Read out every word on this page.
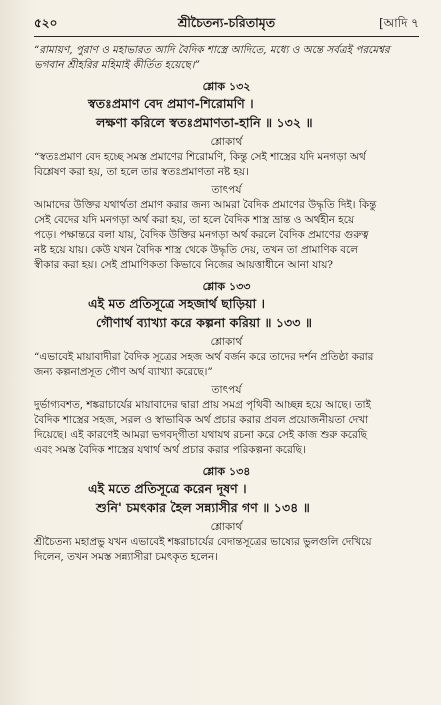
৫২০	শ্রীচৈতন্য-চরিতামৃত	[আদি ৭
“রামায়ণ, পুরাণ ও মহাভারত আদি বৈদিক শাস্ত্রে আদিতে, মধ্যে ও অন্তে সর্বত্রই পরমেশ্বর
ভগবান শ্রীহরির মহিমাই কীর্তিত হয়েছে।”
শ্লোক ১৩২
স্বতঃপ্রমাণ বেদ প্রমাণ-শিরোমণি ।
লক্ষণা করিলে স্বতঃপ্রমাণতা-হানি ॥ ১৩২ ॥
শ্লোকার্থ
“স্বতঃপ্রমাণ বেদ হচ্ছে সমস্ত প্রমাণের শিরোমণি, কিন্তু সেই শাস্ত্রের যদি মনগড়া অর্থ
বিশ্লেষণ করা হয়, তা হলে তার স্বতঃপ্রমাণতা নষ্ট হয়।
তাৎপর্য
আমাদের উক্তির যথার্থতা প্রমাণ করার জন্য আমরা বৈদিক প্রমাণের উদ্ধৃতি দিই। কিন্তু
সেই বেদের যদি মনগড়া অর্থ করা হয়, তা হলে বৈদিক শাস্ত্র ভ্রান্ত ও অর্থহীন হয়ে
পড়ে। পক্ষান্তরে বলা যায়, বৈদিক উক্তির মনগড়া অর্থ করলে বৈদিক প্রমাণের গুরুত্ব
নষ্ট হয়ে যায়। কেউ যখন বৈদিক শাস্ত্র থেকে উদ্ধৃতি দেয়, তখন তা প্রামাণিক বলে
স্বীকার করা হয়। সেই প্রামাণিকতা কিভাবে নিজের আয়ত্তাধীনে আনা যায়?
শ্লোক ১৩৩
এই মত প্রতিসূত্রে সহজার্থ ছাড়িয়া ।
গৌণার্থ ব্যাখ্যা করে কল্পনা করিয়া ॥ ১৩৩ ॥
শ্লোকার্থ
“এভাবেই মায়াবাদীরা বৈদিক সূত্রের সহজ অর্থ বর্জন করে তাদের দর্শন প্রতিষ্ঠা করার
জন্য কল্পনাপ্রসূত গৌণ অর্থ ব্যাখ্যা করেছে।”
তাৎপর্য
দুর্ভাগ্যবশত, শঙ্করাচার্যের মায়াবাদের দ্বারা প্রায় সমগ্র পৃথিবী আচ্ছন্ন হয়ে আছে। তাই
বৈদিক শাস্ত্রের সহজ, সরল ও স্বাভাবিক অর্থ প্রচার করার প্রবল প্রয়োজনীয়তা দেখা
দিয়েছে। এই কারণেই আমরা ভগবদ্‌গীতা যথাযথ রচনা করে সেই কাজ শুরু করেছি
এবং সমস্ত বৈদিক শাস্ত্রের যথার্থ অর্থ প্রচার করার পরিকল্পনা করেছি।
শ্লোক ১৩৪
এই মতে প্রতিসূত্রে করেন দূষণ ।
শুনি' চমৎকার হৈল সন্ন্যাসীর গণ ॥ ১৩৪ ॥
শ্লোকার্থ
শ্রীচৈতন্য মহাপ্রভু যখন এভাবেই শঙ্করাচার্যের বেদান্তসূত্রের ভাষ্যের ভুলগুলি দেখিয়ে
দিলেন, তখন সমস্ত সন্ন্যাসীরা চমৎকৃত হলেন।
